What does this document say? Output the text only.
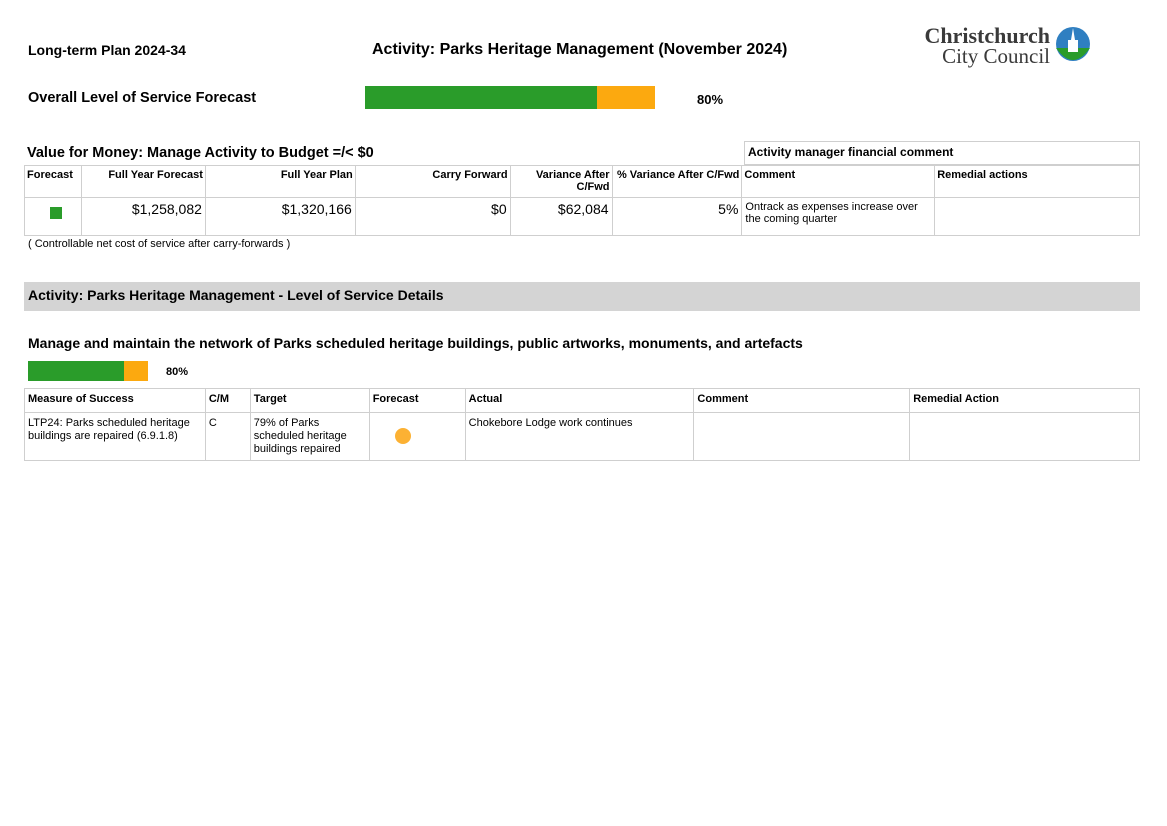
Long-term Plan 2024-34	Activity: Parks Heritage Management (November 2024)
Christchurch
City Council
Overall Level of Service Forecast	80%
Value for Money: Manage Activity to Budget =/< $0	Activity manager financial comment
Forecast	Full Year Forecast	Full Year Plan	Carry Forward	Variance After C/Fwd	% Variance After C/Fwd	Comment	Remedial actions
	$1,258,082	$1,320,166	$0	$62,084	5%	Ontrack as expenses increase over the coming quarter	
( Controllable net cost of service after carry-forwards )
Activity: Parks Heritage Management - Level of Service Details
Manage and maintain the network of Parks scheduled heritage buildings, public artworks, monuments, and artefacts
80%
Measure of Success	C/M	Target	Forecast	Actual	Comment	Remedial Action
LTP24: Parks scheduled heritage buildings are repaired (6.9.1.8)	C	79% of Parks scheduled heritage buildings repaired		Chokebore Lodge work continues		
